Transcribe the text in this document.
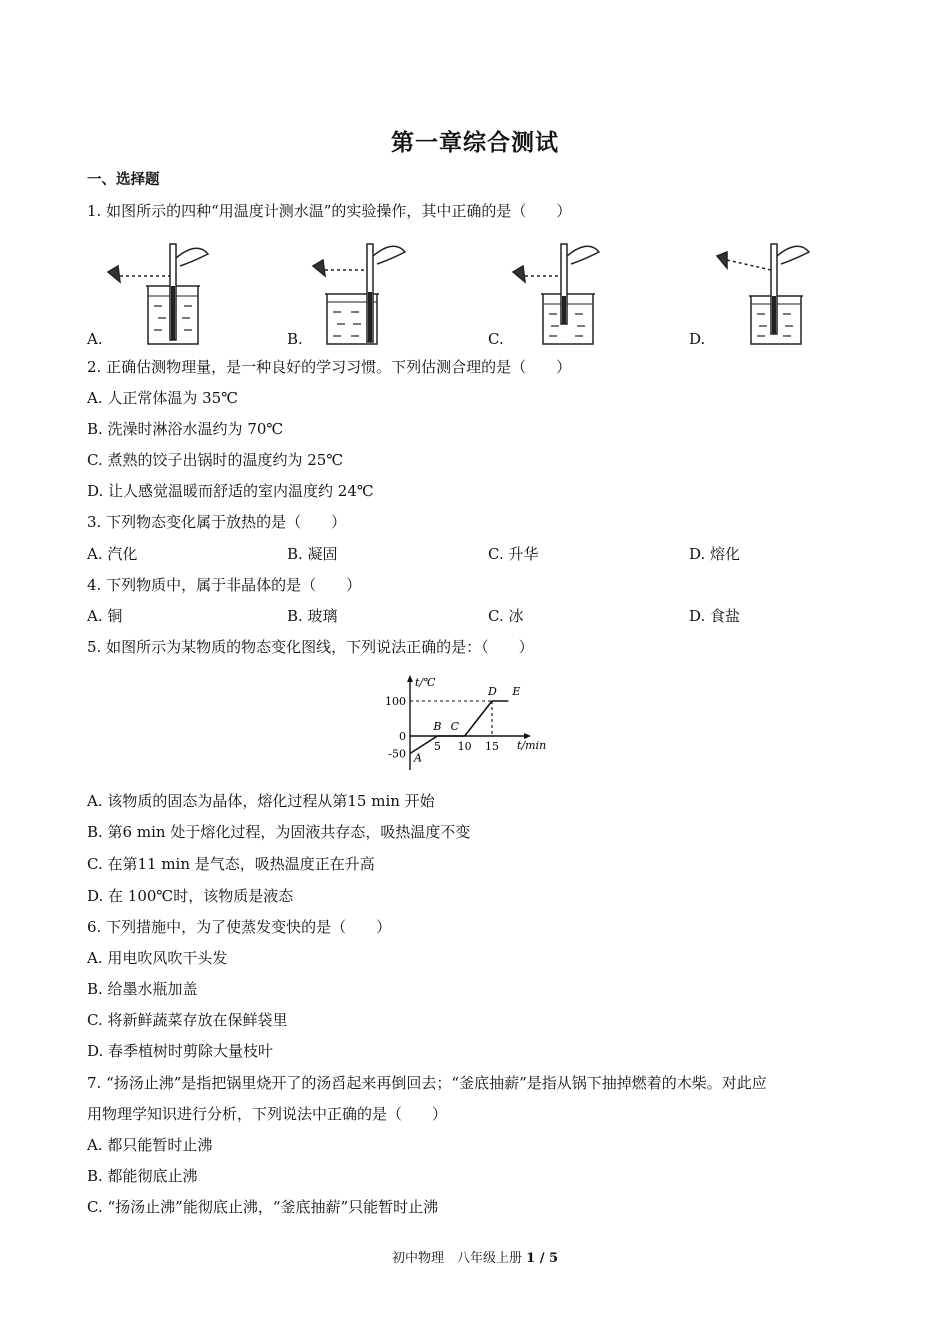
第一章综合测试
一、选择题
1. 如图所示的四种“用温度计测水温”的实验操作，其中正确的是（　　）
A.	B.	C.	D.
2. 正确估测物理量，是一种良好的学习习惯。下列估测合理的是（　　）
A. 人正常体温为 35℃
B. 洗澡时淋浴水温约为 70℃
C. 煮熟的饺子出锅时的温度约为 25℃
D. 让人感觉温暖而舒适的室内温度约 24℃
3. 下列物态变化属于放热的是（　　）
A. 汽化	B. 凝固	C. 升华	D. 熔化
4. 下列物质中，属于非晶体的是（　　）
A. 铜	B. 玻璃	C. 冰	D. 食盐
5. 如图所示为某物质的物态变化图线，下列说法正确的是：（　　）
t/℃
t/min
100
0
-50
5 10 15
A
B C
D E
A. 该物质的固态为晶体，熔化过程从第15 min 开始
B. 第6 min 处于熔化过程，为固液共存态，吸热温度不变
C. 在第11 min 是气态，吸热温度正在升高
D. 在 100℃时，该物质是液态
6. 下列措施中，为了使蒸发变快的是（　　）
A. 用电吹风吹干头发
B. 给墨水瓶加盖
C. 将新鲜蔬菜存放在保鲜袋里
D. 春季植树时剪除大量枝叶
7. “扬汤止沸”是指把锅里烧开了的汤舀起来再倒回去；“釜底抽薪”是指从锅下抽掉燃着的木柴。对此应
用物理学知识进行分析，下列说法中正确的是（　　）
A. 都只能暂时止沸
B. 都能彻底止沸
C. “扬汤止沸”能彻底止沸，“釜底抽薪”只能暂时止沸
初中物理　八年级上册 1 / 5
